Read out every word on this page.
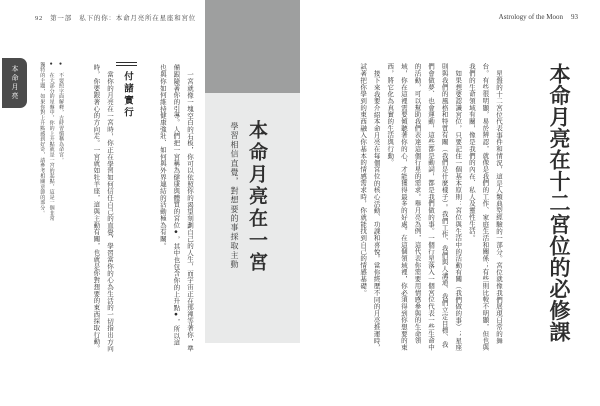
92 第一部　私下的你：本命月亮所在星座和宮位	Astrology of the Moon 93
本命月亮
本命月亮在一宮
學習相信直覺，對想要的事採取主動

一宮就像一塊空白的石板，你可以依照你的渴望刻劃自己的人生，而宇宙正在那裡等著你，準備跟隨著你的引導。人們把一宮稱為健康與體質的宮位●，其中也包含你的上升點●，所以這也與你如何維持健康強壯、如何與外界連結的活動極為有關。

付諸實行

當你的月亮在一宮時，你正在學習如何信任自己的直覺，學習當你的心為生活的一切指出方向時，你要跟著心的方向走。一宮就如牡羊座，這與主動有關，也就是你對想要的東西採取行動。

●　不要照字面解釋，古時習慣稱為命宮。

●　在大部分的星盤中，你的上升點就是一宮的起點，這是一個非常獨特的主題，如果你對上升點感到好奇，請參考相關章節的部分。	本命月亮在十二宮位的必修課

星盤的十二宮位代表事件和情況，這是人類典型經驗的一部分。宮位就像我們展現日常的舞台。有些很明顯，易於辨認，就像是我們的工作、家庭生活和關係；有些則比較不明顯，但也與我們的生命領域有關，像是我們的內在、私人及靈性生活。

如果想要認識宮位，只要記住一個基本原則：宮位與生活中的活動有關（我們做的事）；星座則與我們的風格和特質有關（我們是什麼樣子）。我們工作、我們與人溝通、我們立定目標、我們會做夢、也會運動，這些都是動詞，都是我們做的事。一個行星落入一個宮位代表一些生命中的活動，可以幫助我們表達這個行星的需求。舉月亮為例，這代表你需要用情感參與的生命領域，你在這裡需要傾聽著你的心，才能獲得最多的好處。在這個領域裡，你必須得到你想要的東西，將它化為真實的生活與行動。

接下來我要介紹本命月亮在每個宮位的核心活動、功課和喜悅。當你經歷不同的月亮推運時，試著把你學到的東西融入你基本的情感需求時，你就能找到自己的情感基礎。
